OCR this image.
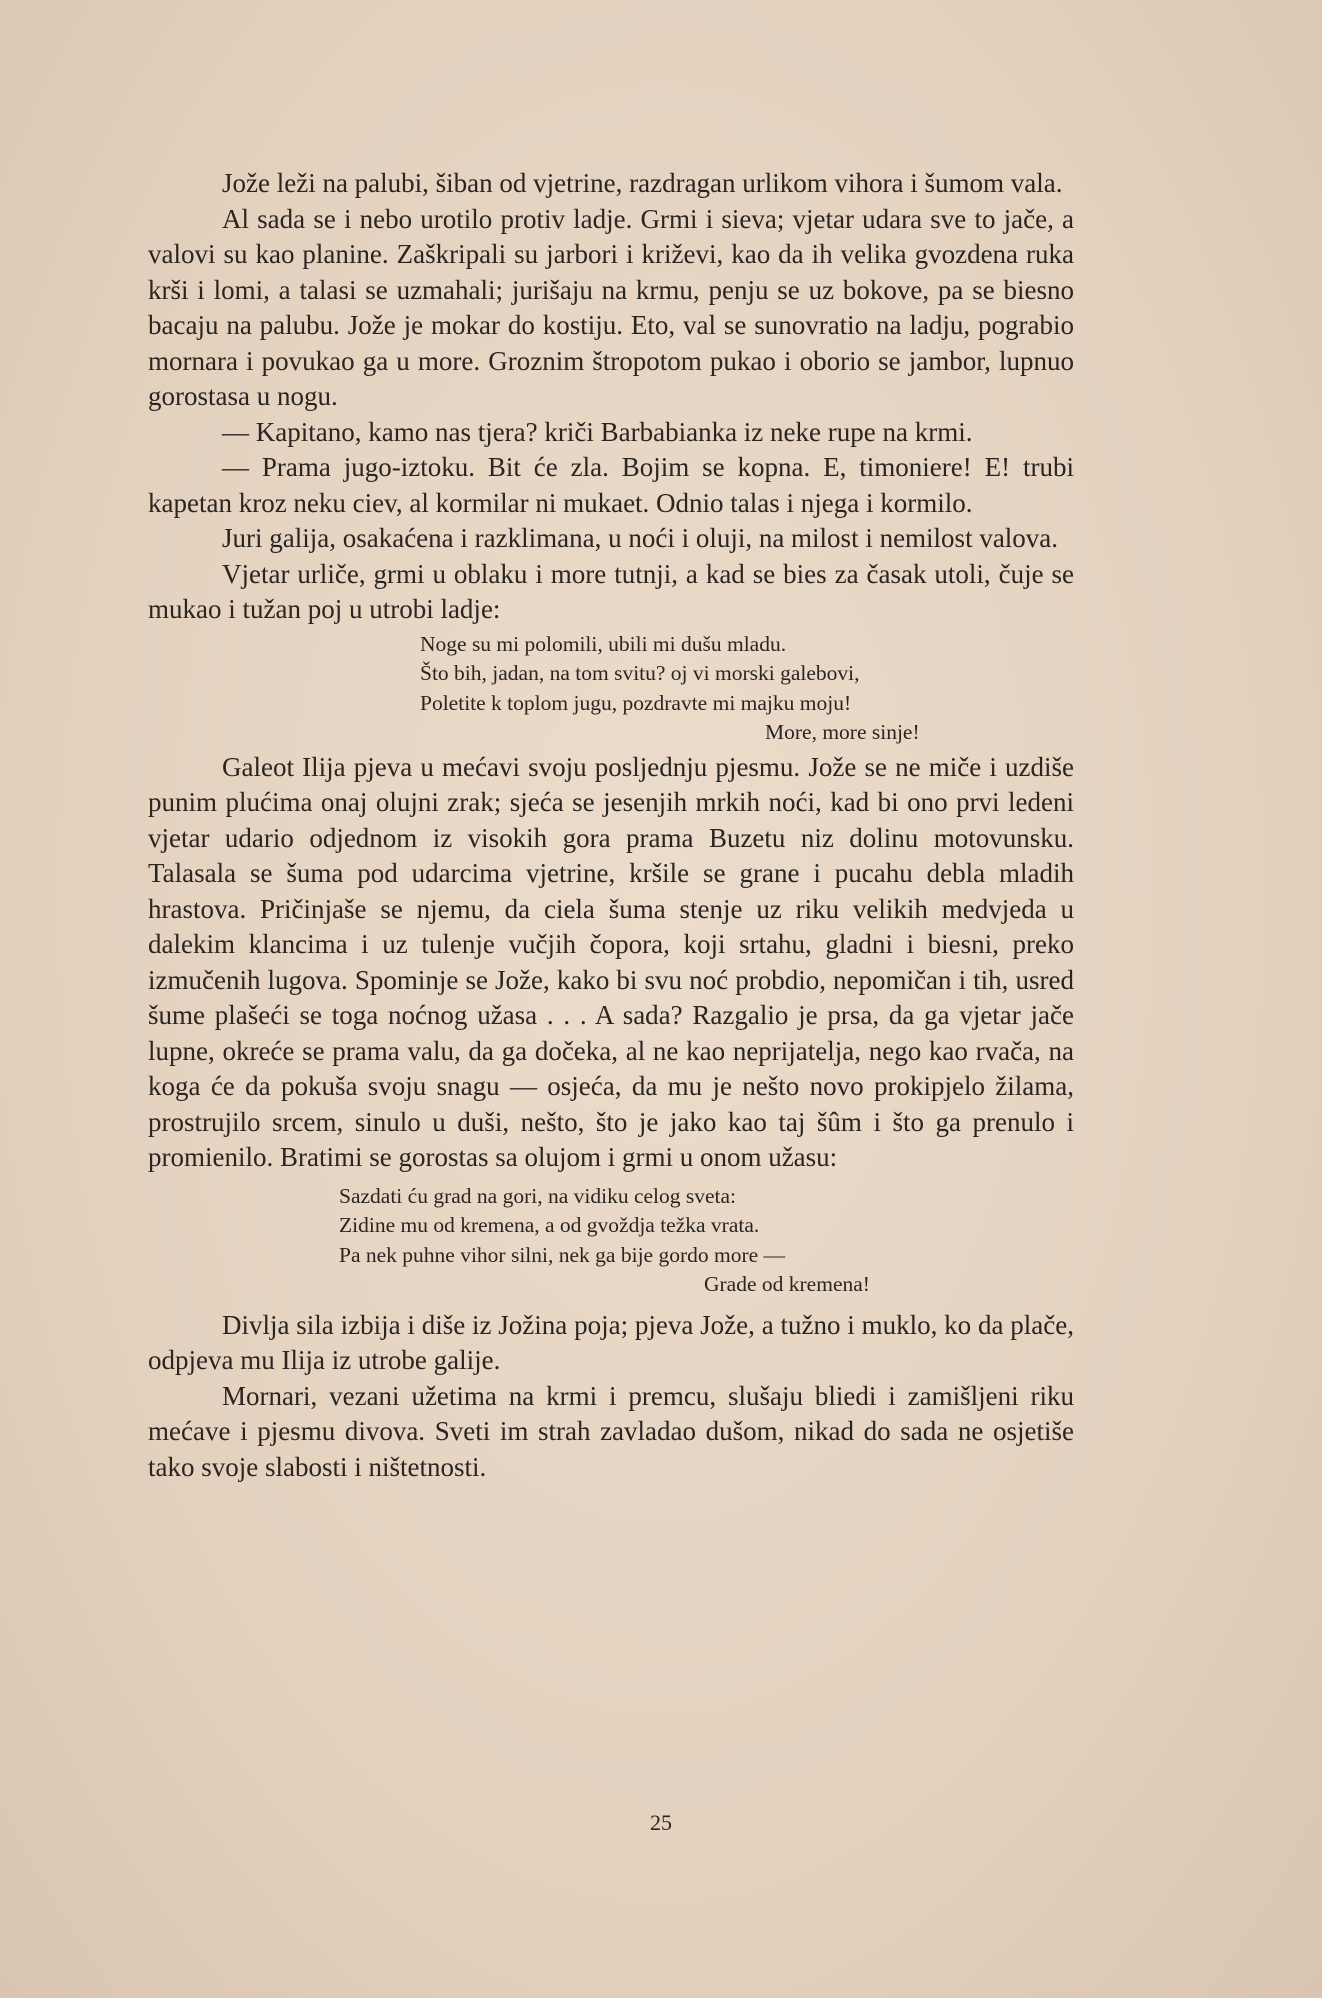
Jože leži na palubi, šiban od vjetrine, razdragan urlikom vihora i šumom vala.

Al sada se i nebo urotilo protiv ladje. Grmi i sieva; vjetar udara sve to jače, a valovi su kao planine. Zaškripali su jarbori i križevi, kao da ih velika gvozdena ruka krši i lomi, a talasi se uzmahali; jurišaju na krmu, penju se uz bokove, pa se biesno bacaju na palubu. Jože je mokar do kostiju. Eto, val se sunovratio na ladju, pograbio mornara i povukao ga u more. Groznim štropotom pukao i oborio se jambor, lupnuo gorostasa u nogu.

— Kapitano, kamo nas tjera? kriči Barbabianka iz neke rupe na krmi.

— Prama jugo-iztoku. Bit će zla. Bojim se kopna. E, timoniere! E! trubi kapetan kroz neku ciev, al kormilar ni mukaet. Odnio talas i njega i kormilo.

Juri galija, osakaćena i razklimana, u noći i oluji, na milost i nemilost valova.

Vjetar urliče, grmi u oblaku i more tutnji, a kad se bies za časak utoli, čuje se mukao i tužan poj u utrobi ladje:

Noge su mi polomili, ubili mi dušu mladu.
Što bih, jadan, na tom svitu? oj vi morski galebovi,
Poletite k toplom jugu, pozdravte mi majku moju!
More, more sinje!

Galeot Ilija pjeva u mećavi svoju posljednju pjesmu. Jože se ne miče i uzdiše punim plućima onaj olujni zrak; sjeća se jesenjih mrkih noći, kad bi ono prvi ledeni vjetar udario odjednom iz visokih gora prama Buzetu niz dolinu motovunsku. Talasala se šuma pod udarcima vjetrine, kršile se grane i pucahu debla mladih hrastova. Pričinjaše se njemu, da ciela šuma stenje uz riku velikih medvjeda u dalekim klancima i uz tulenje vučjih čopora, koji srtahu, gladni i biesni, preko izmučenih lugova. Spominje se Jože, kako bi svu noć probdio, nepomičan i tih, usred šume plašeći se toga noćnog užasa . . . A sada? Razgalio je prsa, da ga vjetar jače lupne, okreće se prama valu, da ga dočeka, al ne kao neprijatelja, nego kao rvača, na koga će da pokuša svoju snagu — osjeća, da mu je nešto novo prokipjelo žilama, prostrujilo srcem, sinulo u duši, nešto, što je jako kao taj šûm i što ga prenulo i promienilo. Bratimi se gorostas sa olujom i grmi u onom užasu:

Sazdati ću grad na gori, na vidiku celog sveta:
Zidine mu od kremena, a od gvoždja težka vrata.
Pa nek puhne vihor silni, nek ga bije gordo more —
Grade od kremena!

Divlja sila izbija i diše iz Jožina poja; pjeva Jože, a tužno i muklo, ko da plače, odpjeva mu Ilija iz utrobe galije.

Mornari, vezani užetima na krmi i premcu, slušaju bliedi i zamišljeni riku mećave i pjesmu divova. Sveti im strah zavladao dušom, nikad do sada ne osjetiše tako svoje slabosti i ništetnosti.

25
